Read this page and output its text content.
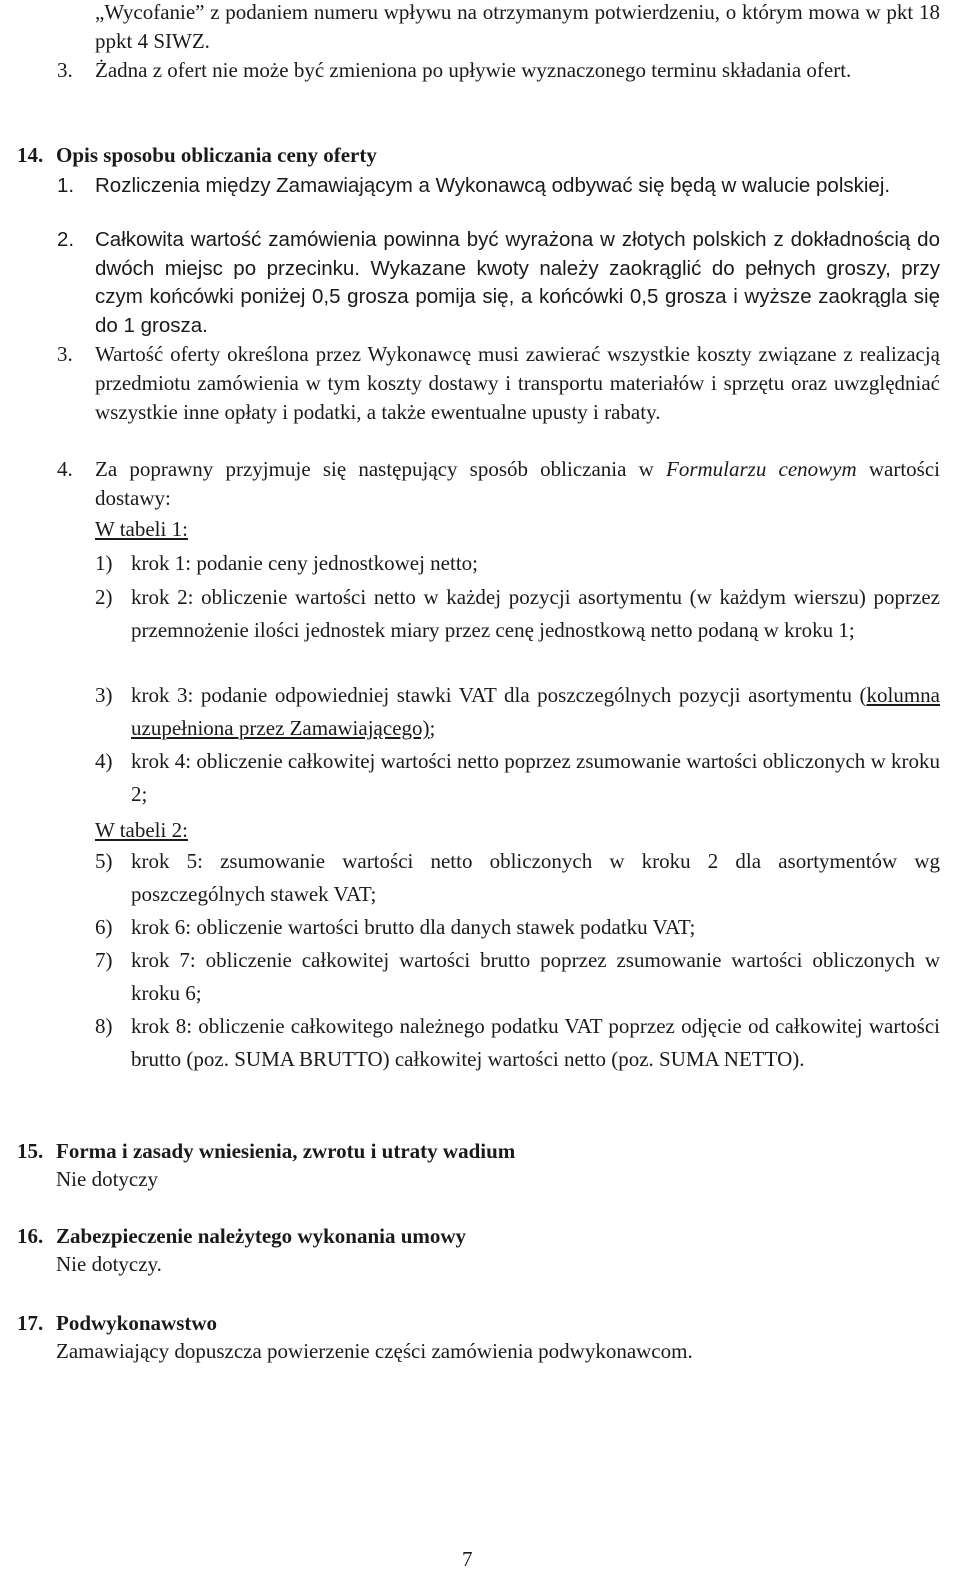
„Wycofanie” z podaniem numeru wpływu na otrzymanym potwierdzeniu, o którym mowa w pkt 18 ppkt 4 SIWZ.
3. Żadna z ofert nie może być zmieniona po upływie wyznaczonego terminu składania ofert.
14. Opis sposobu obliczania ceny oferty
1. Rozliczenia między Zamawiającym a Wykonawcą odbywać się będą w walucie polskiej.
2. Całkowita wartość zamówienia powinna być wyrażona w złotych polskich z dokładnością do dwóch miejsc po przecinku. Wykazane kwoty należy zaokrąglić do pełnych groszy, przy czym końcówki poniżej 0,5 grosza pomija się, a końcówki 0,5 grosza i wyższe zaokrągla się do 1 grosza.
3. Wartość oferty określona przez Wykonawcę musi zawierać wszystkie koszty związane z realizacją przedmiotu zamówienia w tym koszty dostawy i transportu materiałów i sprzętu oraz uwzględniać wszystkie inne opłaty i podatki, a także ewentualne upusty i rabaty.
4. Za poprawny przyjmuje się następujący sposób obliczania w Formularzu cenowym wartości dostawy:
W tabeli 1:
1) krok 1: podanie ceny jednostkowej netto;
2) krok 2: obliczenie wartości netto w każdej pozycji asortymentu (w każdym wierszu) poprzez przemnożenie ilości jednostek miary przez cenę jednostkową netto podaną w kroku 1;
3) krok 3: podanie odpowiedniej stawki VAT dla poszczególnych pozycji asortymentu (kolumna uzupełniona przez Zamawiającego);
4) krok 4: obliczenie całkowitej wartości netto poprzez zsumowanie wartości obliczonych w kroku 2;
W tabeli 2:
5) krok 5: zsumowanie wartości netto obliczonych w kroku 2 dla asortymentów wg poszczególnych stawek VAT;
6) krok 6: obliczenie wartości brutto dla danych stawek podatku VAT;
7) krok 7: obliczenie całkowitej wartości brutto poprzez zsumowanie wartości obliczonych w kroku 6;
8) krok 8: obliczenie całkowitego należnego podatku VAT poprzez odjęcie od całkowitej wartości brutto (poz. SUMA BRUTTO) całkowitej wartości netto (poz. SUMA NETTO).
15. Forma i zasady wniesienia, zwrotu i utraty wadium
Nie dotyczy
16. Zabezpieczenie należytego wykonania umowy
Nie dotyczy.
17. Podwykonawstwo
Zamawiający dopuszcza powierzenie części zamówienia podwykonawcom.
7
